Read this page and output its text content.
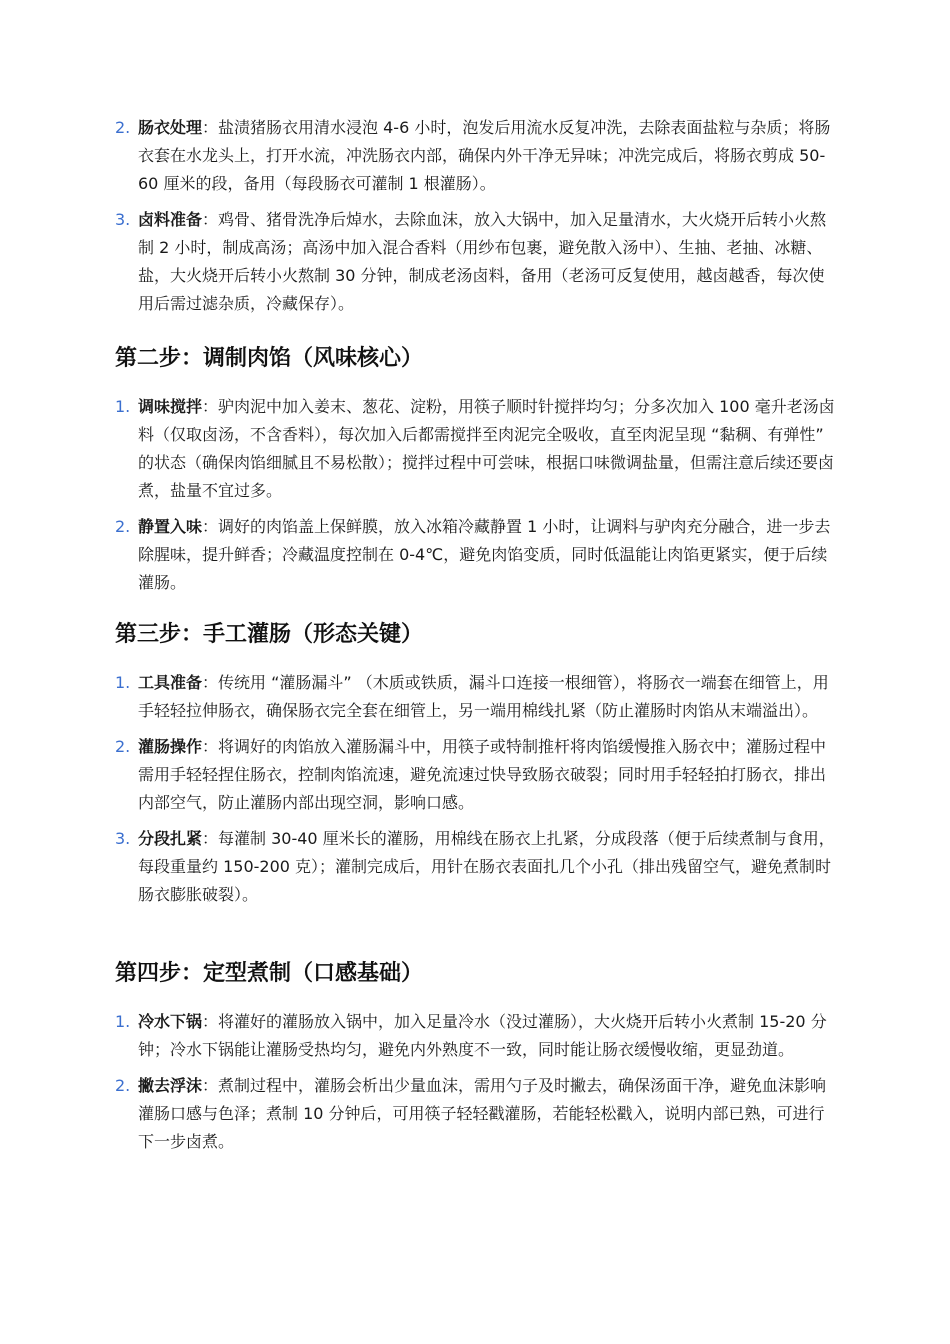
2. 肠衣处理：盐渍猪肠衣用清水浸泡 4-6 小时，泡发后用流水反复冲洗，去除表面盐粒与杂质；将肠衣套在水龙头上，打开水流，冲洗肠衣内部，确保内外干净无异味；冲洗完成后，将肠衣剪成 50-60 厘米的段，备用（每段肠衣可灌制 1 根灌肠）。
3. 卤料准备：鸡骨、猪骨洗净后焯水，去除血沫，放入大锅中，加入足量清水，大火烧开后转小火熬制 2 小时，制成高汤；高汤中加入混合香料（用纱布包裹，避免散入汤中）、生抽、老抽、冰糖、盐，大火烧开后转小火熬制 30 分钟，制成老汤卤料，备用（老汤可反复使用，越卤越香，每次使用后需过滤杂质，冷藏保存）。
第二步：调制肉馅（风味核心）
1. 调味搅拌：驴肉泥中加入姜末、葱花、淀粉，用筷子顺时针搅拌均匀；分多次加入 100 毫升老汤卤料（仅取卤汤，不含香料），每次加入后都需搅拌至肉泥完全吸收，直至肉泥呈现 “黏稠、有弹性” 的状态（确保肉馅细腻且不易松散）；搅拌过程中可尝味，根据口味微调盐量，但需注意后续还要卤煮，盐量不宜过多。
2. 静置入味：调好的肉馅盖上保鲜膜，放入冰箱冷藏静置 1 小时，让调料与驴肉充分融合，进一步去除腥味，提升鲜香；冷藏温度控制在 0-4℃，避免肉馅变质，同时低温能让肉馅更紧实，便于后续灌肠。
第三步：手工灌肠（形态关键）
1. 工具准备：传统用 “灌肠漏斗” （木质或铁质，漏斗口连接一根细管），将肠衣一端套在细管上，用手轻轻拉伸肠衣，确保肠衣完全套在细管上，另一端用棉线扎紧（防止灌肠时肉馅从末端溢出）。
2. 灌肠操作：将调好的肉馅放入灌肠漏斗中，用筷子或特制推杆将肉馅缓慢推入肠衣中；灌肠过程中需用手轻轻捏住肠衣，控制肉馅流速，避免流速过快导致肠衣破裂；同时用手轻轻拍打肠衣，排出内部空气，防止灌肠内部出现空洞，影响口感。
3. 分段扎紧：每灌制 30-40 厘米长的灌肠，用棉线在肠衣上扎紧，分成段落（便于后续煮制与食用，每段重量约 150-200 克）；灌制完成后，用针在肠衣表面扎几个小孔（排出残留空气，避免煮制时肠衣膨胀破裂）。
第四步：定型煮制（口感基础）
1. 冷水下锅：将灌好的灌肠放入锅中，加入足量冷水（没过灌肠），大火烧开后转小火煮制 15-20 分钟；冷水下锅能让灌肠受热均匀，避免内外熟度不一致，同时能让肠衣缓慢收缩，更显劲道。
2. 撇去浮沫：煮制过程中，灌肠会析出少量血沫，需用勺子及时撇去，确保汤面干净，避免血沫影响灌肠口感与色泽；煮制 10 分钟后，可用筷子轻轻戳灌肠，若能轻松戳入，说明内部已熟，可进行下一步卤煮。
